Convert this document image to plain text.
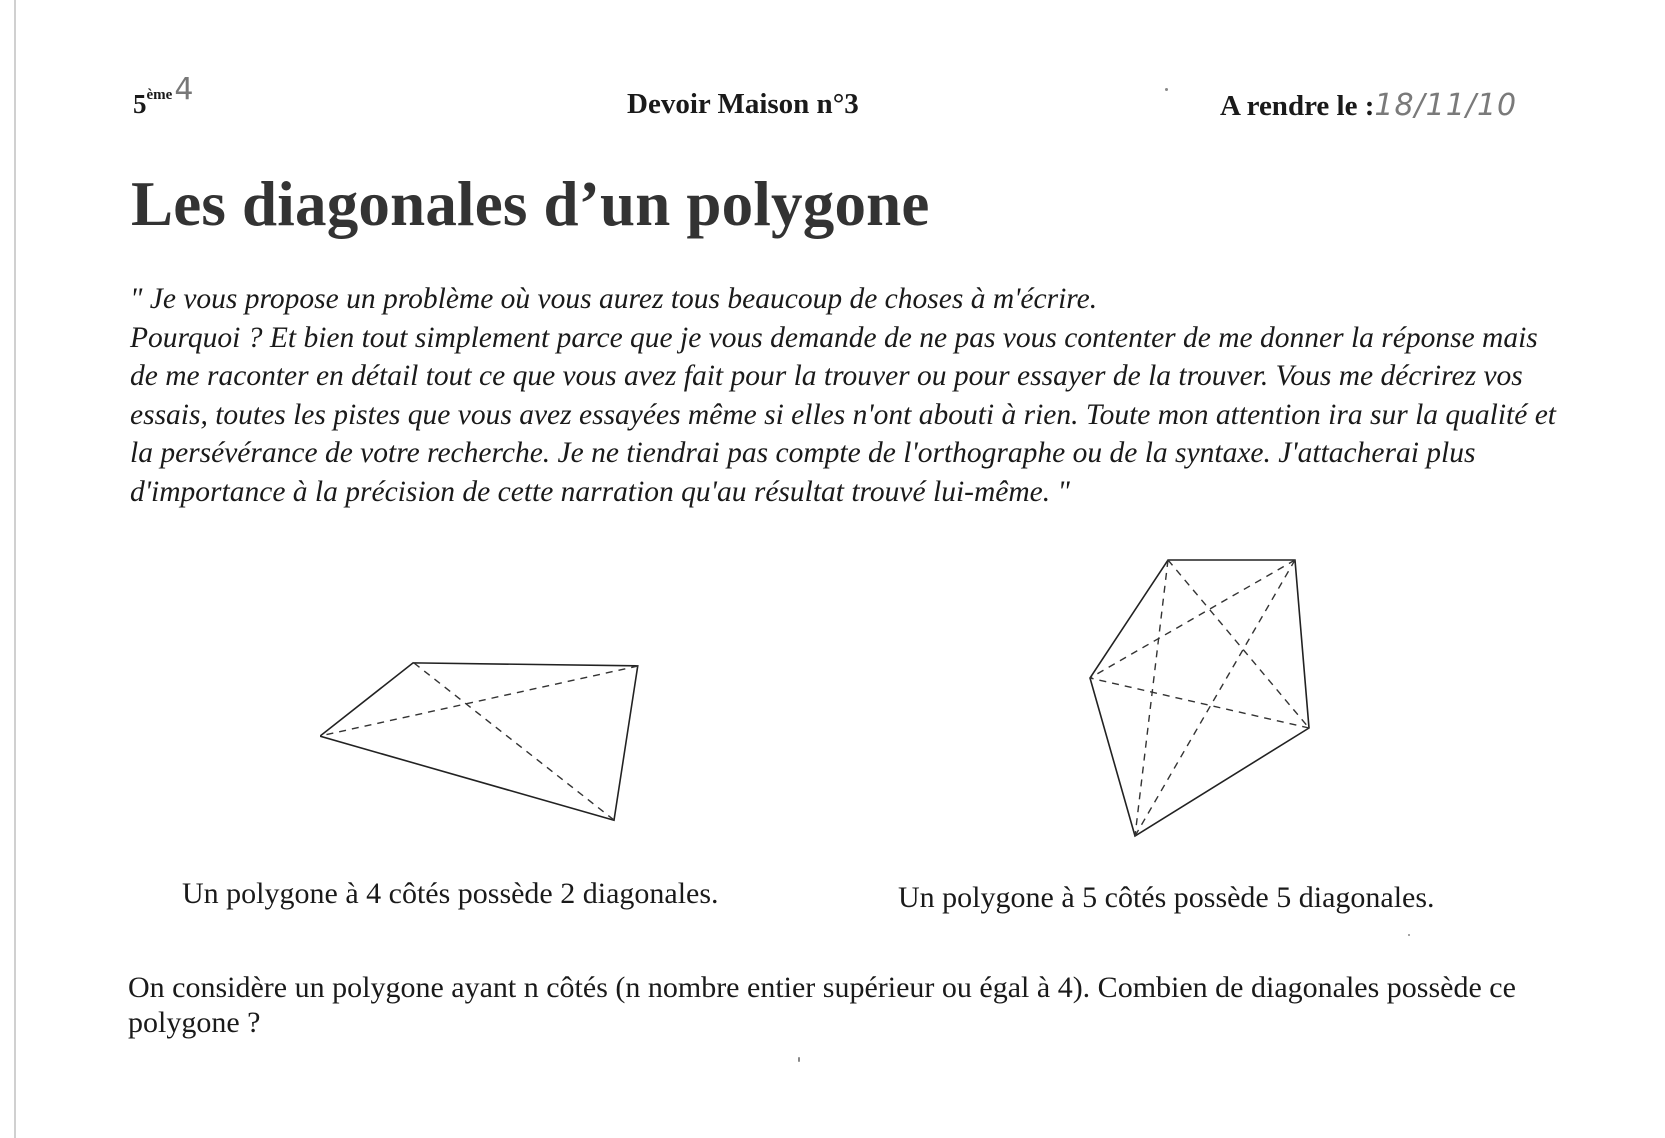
5ème4	Devoir Maison n°3	A rendre le :18/11/10
Les diagonales d’un polygone

" Je vous propose un problème où vous aurez tous beaucoup de choses à m'écrire.

Pourquoi ? Et bien tout simplement parce que je vous demande de ne pas vous contenter de me donner la réponse mais de me raconter en détail tout ce que vous avez fait pour la trouver ou pour essayer de la trouver. Vous me décrirez vos essais, toutes les pistes que vous avez essayées même si elles n'ont abouti à rien. Toute mon attention ira sur la qualité et la persévérance de votre recherche. Je ne tiendrai pas compte de l'orthographe ou de la syntaxe. J'attacherai plus d'importance à la précision de cette narration qu'au résultat trouvé lui-même. "

Un polygone à 4 côtés possède 2 diagonales.	Un polygone à 5 côtés possède 5 diagonales.

On considère un polygone ayant n côtés (n nombre entier supérieur ou égal à 4). Combien de diagonales possède ce polygone ?
